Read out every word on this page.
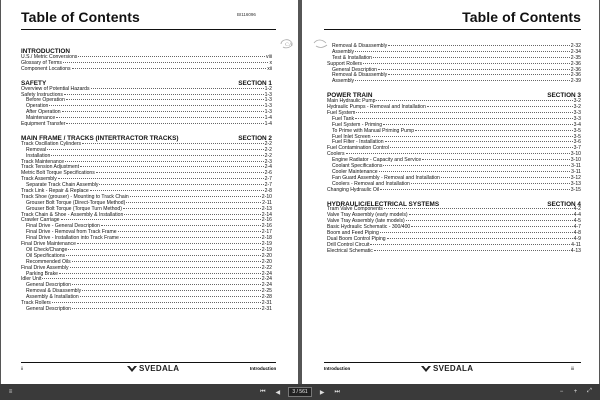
Table of Contents	BI116096
INTRODUCTION
U.S./ Metric Conversions	viii
Glossary of Terms	x
Component Locations	xii
SAFETY	SECTION 1
Overview of Potential Hazards	1-2
Safety Instructions	1-3
Before Operation	1-3
Operation	1-3
After Operation	1-3
Maintenance	1-4
Equipment Transfer	1-4
MAIN FRAME / TRACKS (INTERTRACTOR TRACKS)	SECTION 2
Track Oscillation Cylinders	2-2
Removal	2-2
Installation	2-2
Track Maintenance	2-3
Track Tension Adjustment	2-4
Metric Bolt Torque Specifications	2-6
Track Assembly	2-7
Separate Track Chain Assembly	2-7
Track Link - Repair & Replace	2-8
Track Shoe (grouser) - Mounting to Track Chain	2-10
Grouser Bolt Torque (Direct-Torque Method)	2-11
Grouser Bolt Torque (Torque Turn Method)	2-13
Track Chain & Shoe - Assembly & Installation	2-14
Crawler Carriage	2-16
Final Drive - General Description	2-16
Final Drive - Removal from Track Frame	2-17
Final Drive - Installation into Track Frame	2-18
Final Drive Maintenance	2-19
Oil Check/Change	2-19
Oil Specifications	2-20
Recommended Oils	2-20
Final Drive Assembly	2-22
Parking Brake	2-24
Idler Unit	2-24
General Description	2-24
Removal & Disassembly	2-25
Assembly & Installation	2-28
Track Rollers	2-31
General Description	2-31
ii	SVEDALA	Introduction
Table of Contents
Removal & Disassembly	2-32
Assembly	2-34
Test & Installation	2-35
Support Rollers	2-36
General Description	2-36
Removal & Disassembly	2-36
Assembly	2-39
POWER TRAIN	SECTION 3
Main Hydraulic Pump	3-2
Hydraulic Pumps - Removal and Installation	3-2
Fuel System	3-3
Fuel Tank	3-3
Fuel System - Priming	3-4
To Prime with Manual Priming Pump	3-5
Fuel Inlet Screen	3-5
Fuel Filter - Installation	3-6
Fuel Contamination Control	3-7
Coolers	3-10
Engine Radiator - Capacity and Service	3-10
Coolant Specifications	3-11
Cooler Maintenance	3-11
Fan Guard Assembly - Removal and Installation	3-12
Coolers - Removal and Installation	3-13
Changing Hydraulic Oil	3-15
HYDRAULIC/ELECTRICAL SYSTEMS	SECTION 4
Tram Valve Components	4-2
Valve Tray Assembly (early models)	4-4
Valve Tray Assembly (late models)	4-5
Basic Hydraulic Schematic - 300/400	4-7
Boom and Feed Piping	4-8
Dual Boom Control Piping	4-9
Drill Control Circuit	4-11
Electrical Schematic	4-13
Introduction	SVEDALA	iii
CA
≡	⏮	◀	3 / 561	▶	⏭	−	+	⤢
